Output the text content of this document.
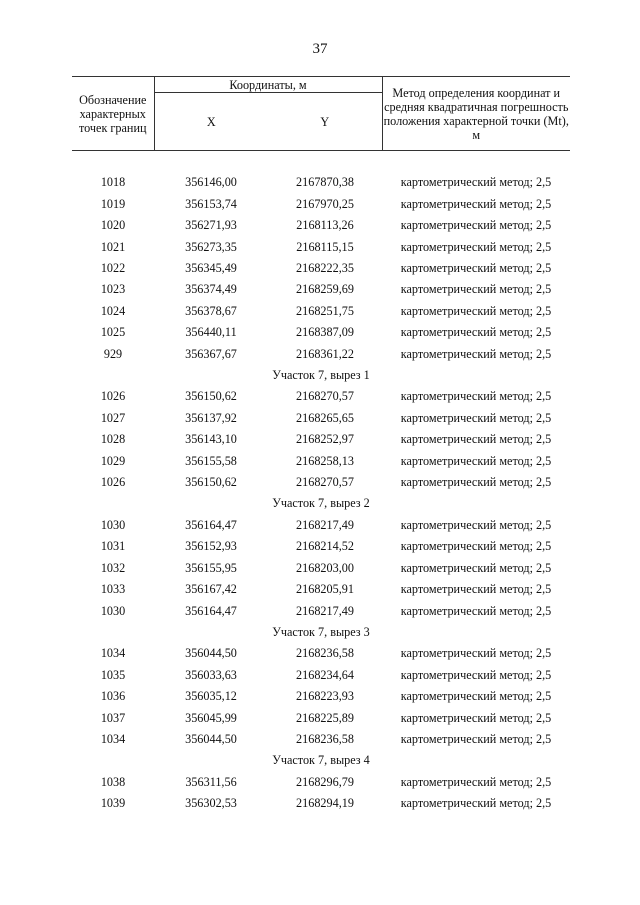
37
Обозначение характерных точек границ	Координаты, м		Метод определения координат и средняя квадратичная погрешность положения характерной точки (Мt), м
	X	Y	

1018	356146,00	2167870,38	картометрический метод; 2,5
1019	356153,74	2167970,25	картометрический метод; 2,5
1020	356271,93	2168113,26	картометрический метод; 2,5
1021	356273,35	2168115,15	картометрический метод; 2,5
1022	356345,49	2168222,35	картометрический метод; 2,5
1023	356374,49	2168259,69	картометрический метод; 2,5
1024	356378,67	2168251,75	картометрический метод; 2,5
1025	356440,11	2168387,09	картометрический метод; 2,5
929	356367,67	2168361,22	картометрический метод; 2,5
Участок 7, вырез 1			
1026	356150,62	2168270,57	картометрический метод; 2,5
1027	356137,92	2168265,65	картометрический метод; 2,5
1028	356143,10	2168252,97	картометрический метод; 2,5
1029	356155,58	2168258,13	картометрический метод; 2,5
1026	356150,62	2168270,57	картометрический метод; 2,5
Участок 7, вырез 2			
1030	356164,47	2168217,49	картометрический метод; 2,5
1031	356152,93	2168214,52	картометрический метод; 2,5
1032	356155,95	2168203,00	картометрический метод; 2,5
1033	356167,42	2168205,91	картометрический метод; 2,5
1030	356164,47	2168217,49	картометрический метод; 2,5
Участок 7, вырез 3			
1034	356044,50	2168236,58	картометрический метод; 2,5
1035	356033,63	2168234,64	картометрический метод; 2,5
1036	356035,12	2168223,93	картометрический метод; 2,5
1037	356045,99	2168225,89	картометрический метод; 2,5
1034	356044,50	2168236,58	картометрический метод; 2,5
Участок 7, вырез 4			
1038	356311,56	2168296,79	картометрический метод; 2,5
1039	356302,53	2168294,19	картометрический метод; 2,5
